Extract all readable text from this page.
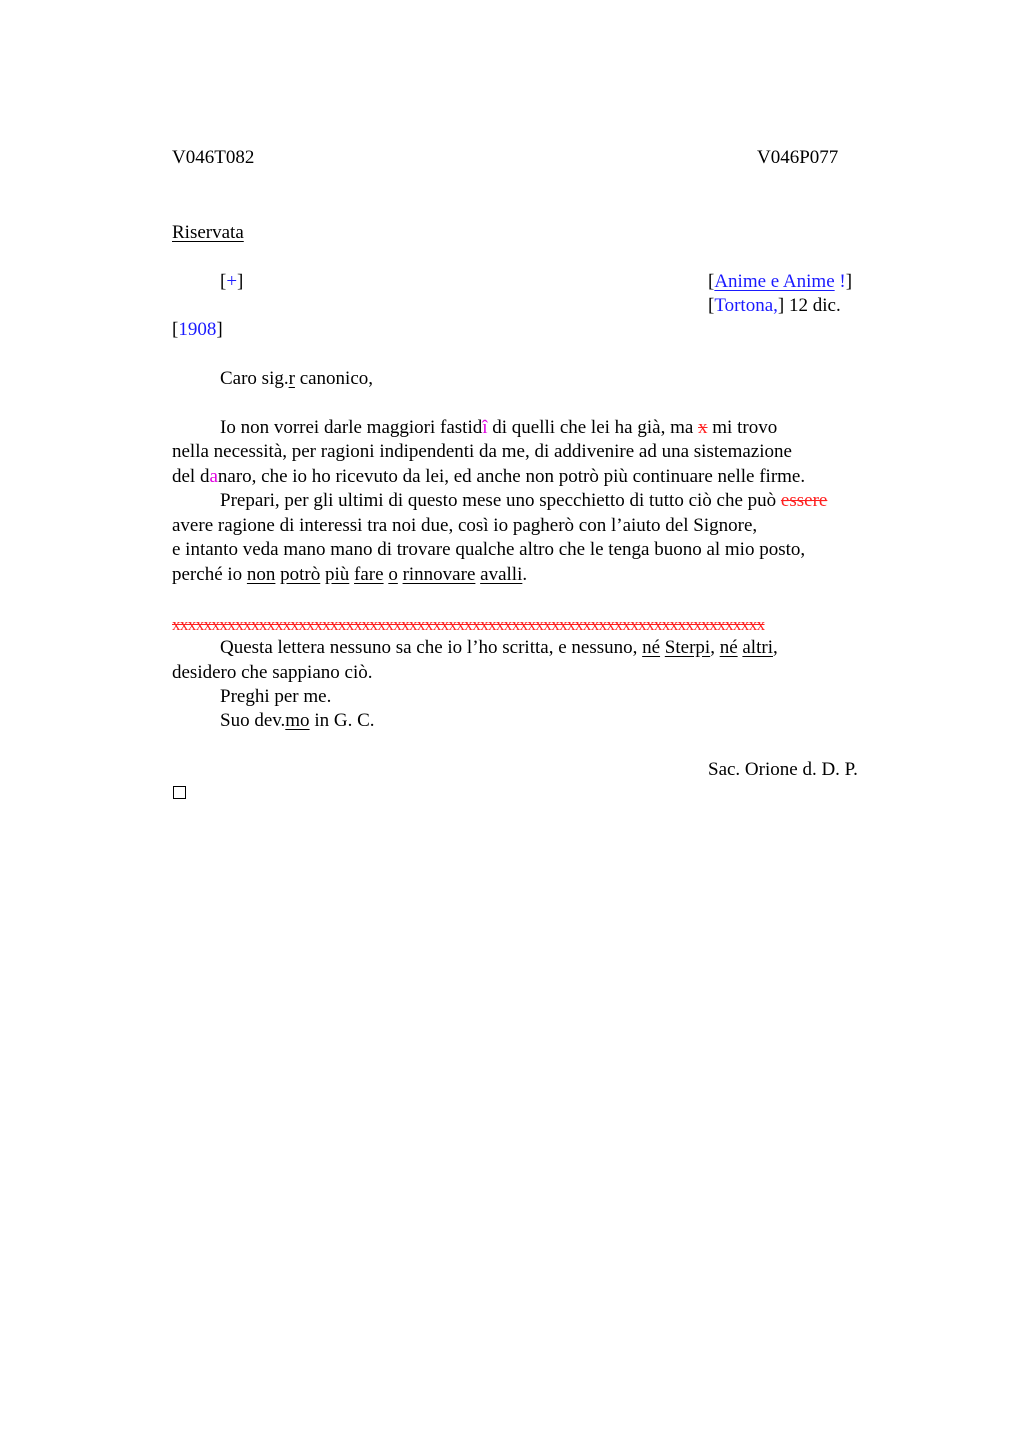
V046T082	V046P077
Riservata
[+]	[Anime e Anime !]
[Tortona,] 12 dic.
[1908]
Caro sig.r canonico,
Io non vorrei darle maggiori fastidî di quelli che lei ha già, ma x mi trovo
nella necessità, per ragioni indipendenti da me, di addivenire ad una sistemazione
del danaro, che io ho ricevuto da lei, ed anche non potrò più continuare nelle firme.
Prepari, per gli ultimi di questo mese uno specchietto di tutto ciò che può essere
avere ragione di interessi tra noi due, così io pagherò con l’aiuto del Signore,
e intanto veda mano mano di trovare qualche altro che le tenga buono al mio posto,
perché io non potrò più fare o rinnovare avalli.
xxxxxxxxxxxxxxxxxxxxxxxxxxxxxxxxxxxxxxxxxxxxxxxxxxxxxxxxxxxxxxxxxxxxxxxxxxx
Questa lettera nessuno sa che io l’ho scritta, e nessuno, né Sterpi, né altri,
desidero che sappiano ciò.
Preghi per me.
Suo dev.mo in G. C.
Sac. Orione d. D. P.
